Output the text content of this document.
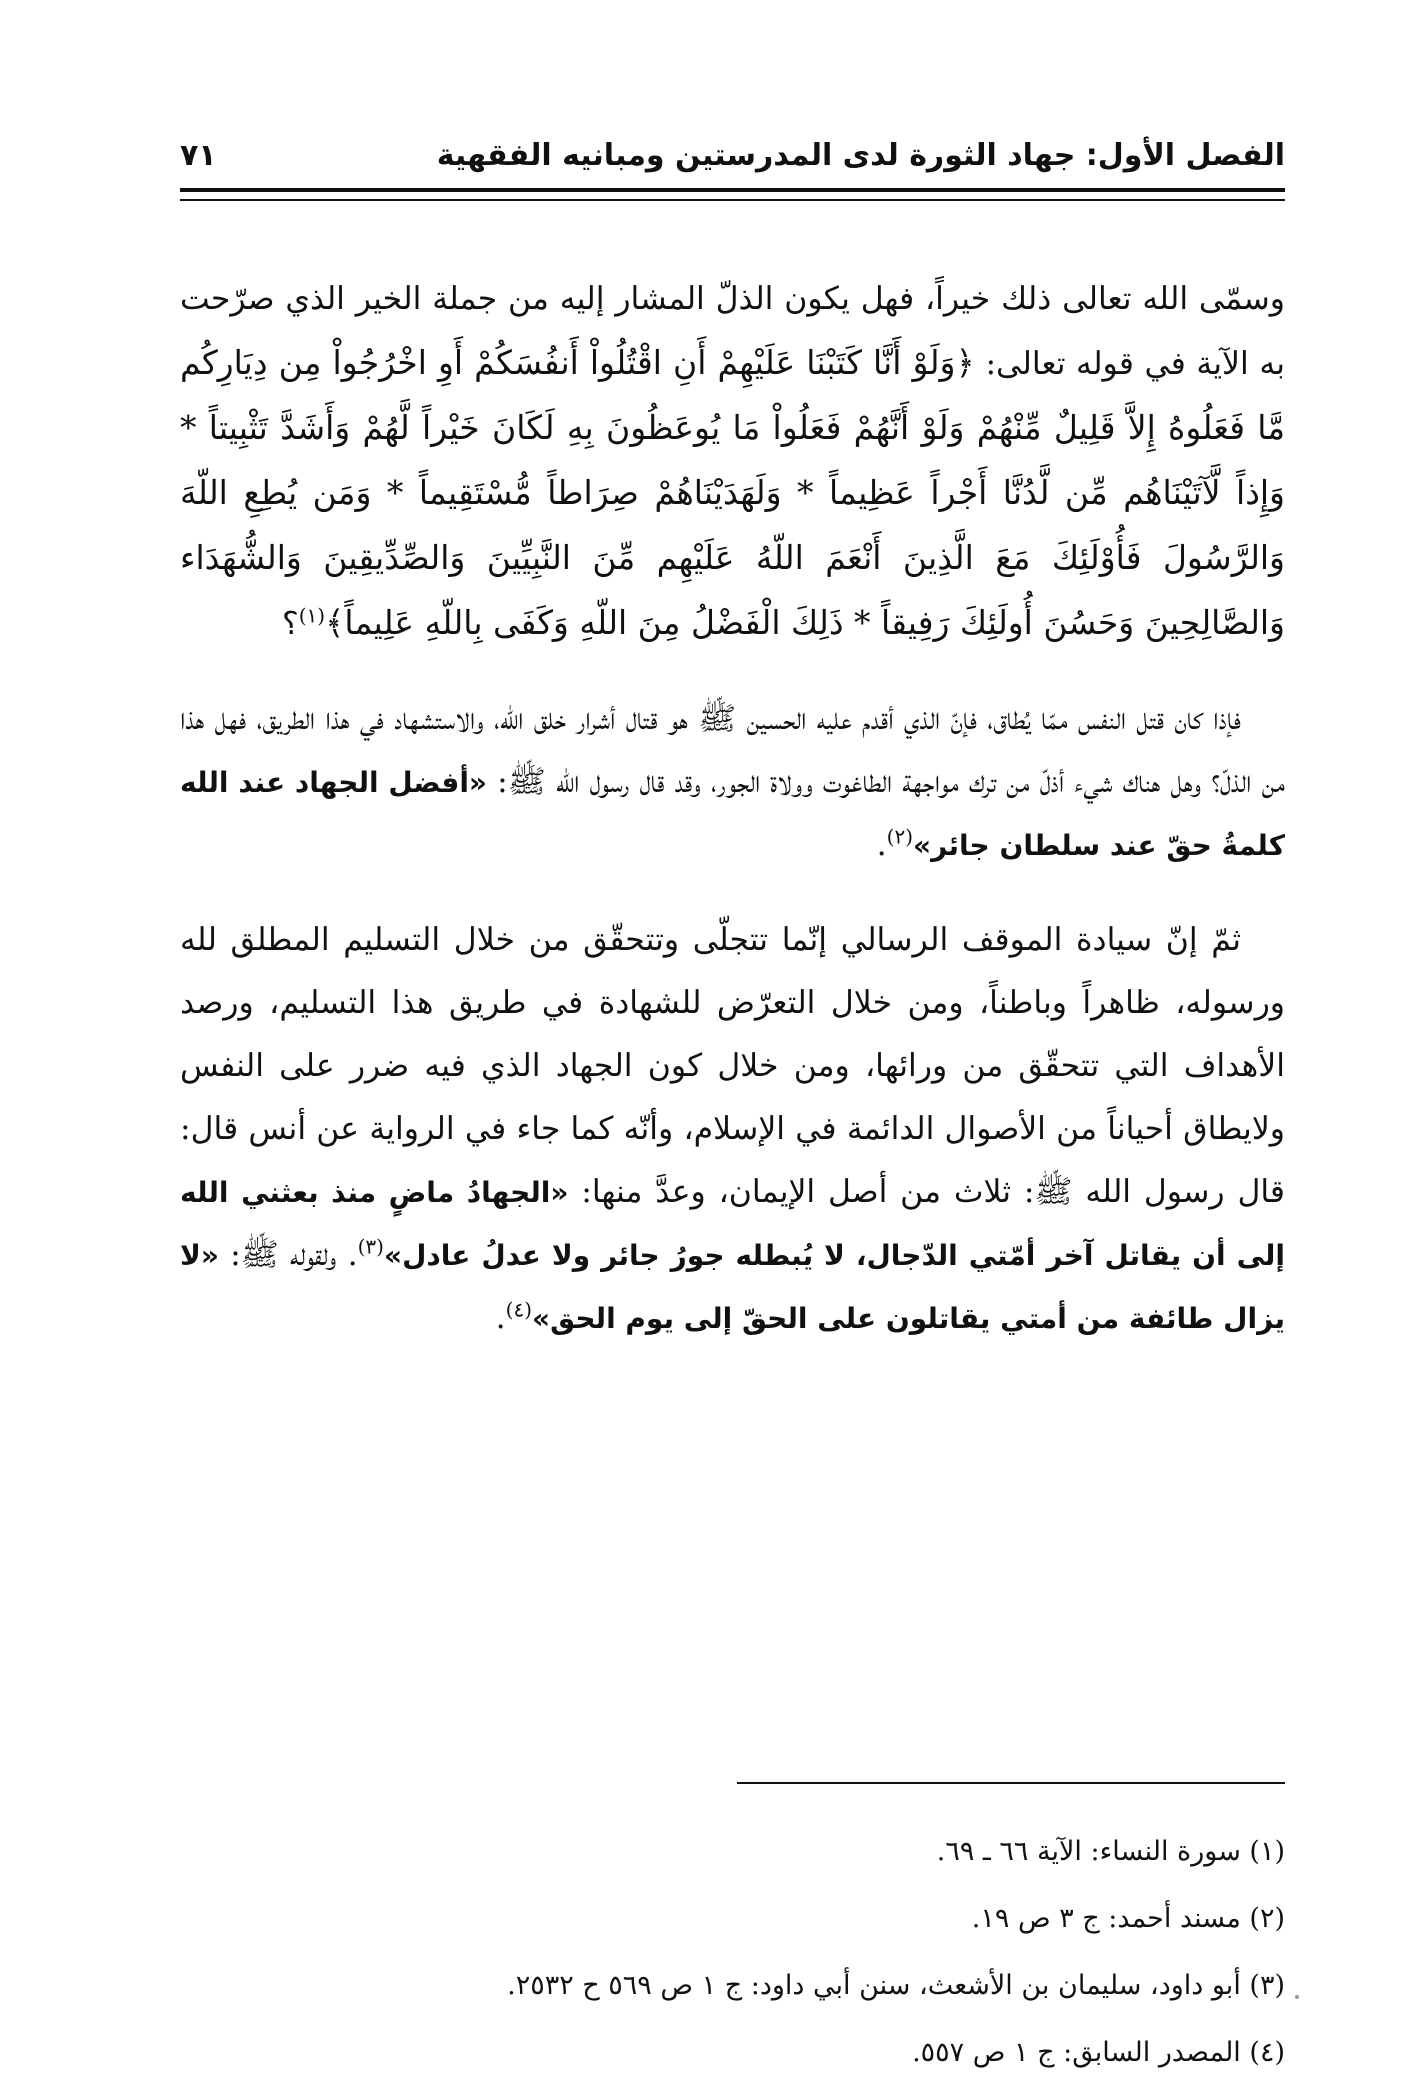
الفصل الأول: جهاد الثورة لدى المدرستين ومبانيه الفقهية
٧١

وسمّى الله تعالى ذلك خيراً، فهل يكون الذلّ المشار إليه من جملة الخير الذي صرّحت به الآية في قوله تعالى: ﴿وَلَوْ أَنَّا كَتَبْنَا عَلَيْهِمْ أَنِ اقْتُلُواْ أَنفُسَكُمْ أَوِ اخْرُجُواْ مِن دِيَارِكُم مَّا فَعَلُوهُ إِلاَّ قَلِيلٌ مِّنْهُمْ وَلَوْ أَنَّهُمْ فَعَلُواْ مَا يُوعَظُونَ بِهِ لَكَانَ خَيْراً لَّهُمْ وَأَشَدَّ تَثْبِيتاً * وَإِذاً لَّآتَيْنَاهُم مِّن لَّدُنَّا أَجْراً عَظِيماً * وَلَهَدَيْنَاهُمْ صِرَاطاً مُّسْتَقِيماً * وَمَن يُطِعِ اللّهَ وَالرَّسُولَ فَأُوْلَئِكَ مَعَ الَّذِينَ أَنْعَمَ اللّهُ عَلَيْهِم مِّنَ النَّبِيِّينَ وَالصِّدِّيقِينَ وَالشُّهَدَاء وَالصَّالِحِينَ وَحَسُنَ أُولَئِكَ رَفِيقاً * ذَلِكَ الْفَضْلُ مِنَ اللّهِ وَكَفَى بِاللّهِ عَلِيماً﴾$^{(١)}$؟

فإذا كان قتل النفس ممّا يُطاق، فإنّ الذي أقدم عليه الحسين ﷺ هو قتال أشرار خلق الله، والاستشهاد في هذا الطريق، فهل هذا من الذلّ؟ وهل هناك شيء أذلّ من ترك مواجهة الطاغوت وولاة الجور، وقد قال رسول الله ﷺ: «أفضل الجهاد عند الله كلمةُ حقّ عند سلطان جائر»$^{(٢)}$.

ثمّ إنّ سيادة الموقف الرسالي إنّما تتجلّى وتتحقّق من خلال التسليم المطلق لله ورسوله، ظاهراً وباطناً، ومن خلال التعرّض للشهادة في طريق هذا التسليم، ورصد الأهداف التي تتحقّق من ورائها، ومن خلال كون الجهاد الذي فيه ضرر على النفس ولايطاق أحياناً من الأصوال الدائمة في الإسلام، وأنّه كما جاء في الرواية عن أنس قال: قال رسول الله ﷺ: ثلاث من أصل الإيمان، وعدَّ منها: «الجهادُ ماضٍ منذ بعثني الله إلى أن يقاتل آخر أمّتي الدّجال، لا يُبطله جورُ جائر ولا عدلُ عادل»$^{(٣)}$. ولقوله ﷺ: «لا يزال طائفة من أمتي يقاتلون على الحقّ إلى يوم الحق»$^{(٤)}$.

(١) سورة النساء: الآية ٦٦ ـ ٦٩.
(٢) مسند أحمد: ج ٣ ص ١٩.
(٣) أبو داود، سليمان بن الأشعث، سنن أبي داود: ج ١ ص ٥٦٩ ح ٢٥٣٢.
(٤) المصدر السابق: ج ١ ص ٥٥٧.
